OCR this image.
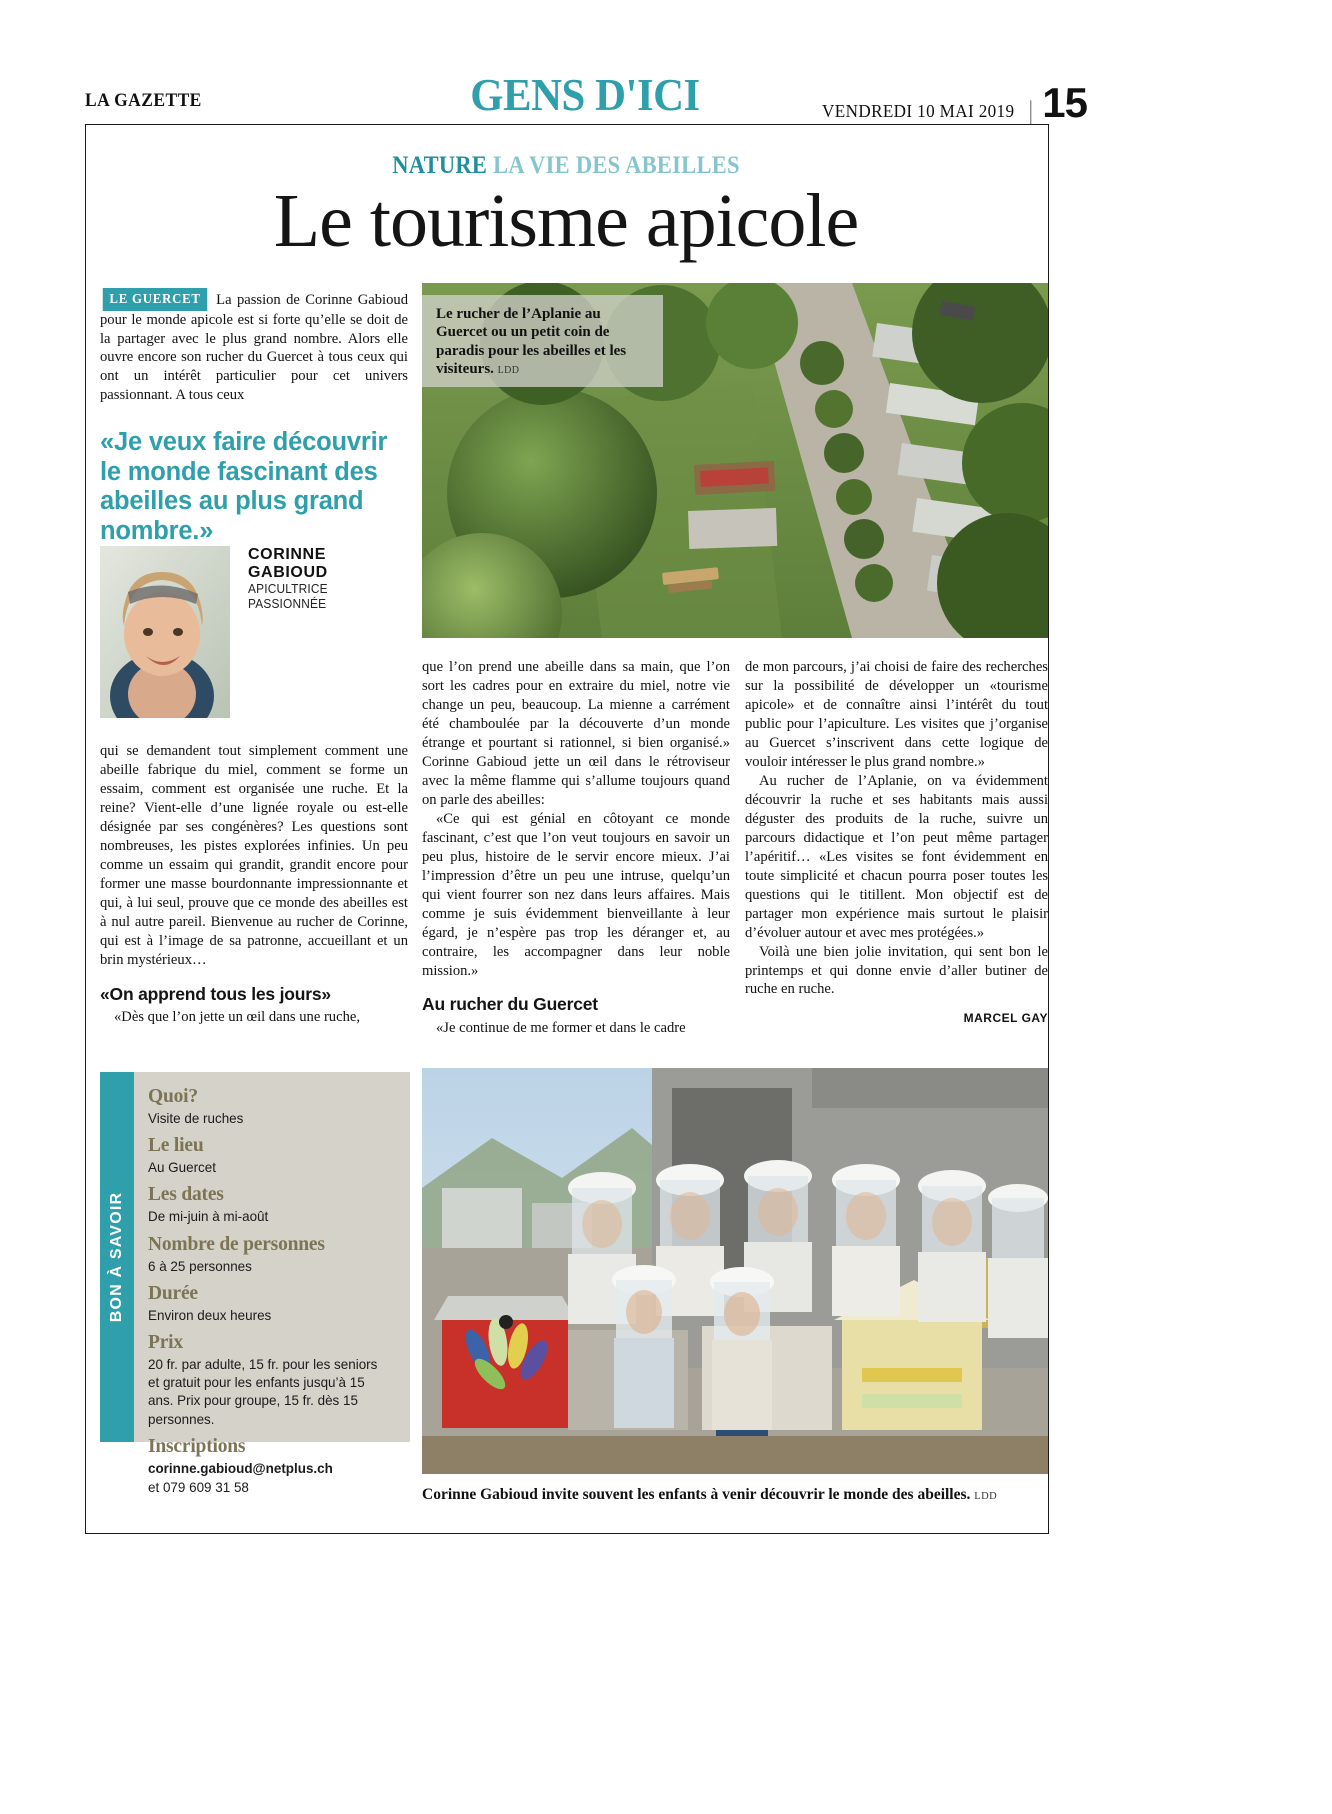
LA GAZETTE	GENS D'ICI	VENDREDI 10 MAI 2019 | 15
NATURE LA VIE DES ABEILLES
Le tourisme apicole
Le rucher de l’Aplanie au Guercet ou un petit coin de paradis pour les abeilles et les visiteurs. LDD

LE GUERCET La passion de Corinne Gabioud pour le monde apicole est si forte qu’elle se doit de la partager avec le plus grand nombre. Alors elle ouvre encore son rucher du Guercet à tous ceux qui ont un intérêt particulier pour cet univers passionnant. A tous ceux

«Je veux faire découvrir le monde fascinant des abeilles au plus grand nombre.»
CORINNE
GABIOUD
APICULTRICE PASSIONNÉE

qui se demandent tout simplement comment une abeille fabrique du miel, comment se forme un essaim, comment est organisée une ruche. Et la reine? Vient-elle d’une lignée royale ou est-elle désignée par ses congénères? Les questions sont nombreuses, les pistes explorées infinies. Un peu comme un essaim qui grandit, grandit encore pour former une masse bourdonnante impressionnante et qui, à lui seul, prouve que ce monde des abeilles est à nul autre pareil. Bienvenue au rucher de Corinne, qui est à l’image de sa patronne, accueillant et un brin mystérieux…

«On apprend tous les jours»

«Dès que l’on jette un œil dans une ruche,

que l’on prend une abeille dans sa main, que l’on sort les cadres pour en extraire du miel, notre vie change un peu, beaucoup. La mienne a carrément été chamboulée par la découverte d’un monde étrange et pourtant si rationnel, si bien organisé.» Corinne Gabioud jette un œil dans le rétroviseur avec la même flamme qui s’allume toujours quand on parle des abeilles:

«Ce qui est génial en côtoyant ce monde fascinant, c’est que l’on veut toujours en savoir un peu plus, histoire de le servir encore mieux. J’ai l’impression d’être un peu une intruse, quelqu’un qui vient fourrer son nez dans leurs affaires. Mais comme je suis évidemment bienveillante à leur égard, je n’espère pas trop les déranger et, au contraire, les accompagner dans leur noble mission.»

Au rucher du Guercet

«Je continue de me former et dans le cadre

de mon parcours, j’ai choisi de faire des recherches sur la possibilité de développer un «tourisme apicole» et de connaître ainsi l’intérêt du tout public pour l’apiculture. Les visites que j’organise au Guercet s’inscrivent dans cette logique de vouloir intéresser le plus grand nombre.»

Au rucher de l’Aplanie, on va évidemment découvrir la ruche et ses habitants mais aussi déguster des produits de la ruche, suivre un parcours didactique et l’on peut même partager l’apéritif… «Les visites se font évidemment en toute simplicité et chacun pourra poser toutes les questions qui le titillent. Mon objectif est de partager mon expérience mais surtout le plaisir d’évoluer autour et avec mes protégées.»

Voilà une bien jolie invitation, qui sent bon le printemps et qui donne envie d’aller butiner de ruche en ruche.

MARCEL GAY
BON À SAVOIR
Quoi?
Visite de ruches
Le lieu
Au Guercet
Les dates
De mi-juin à mi-août
Nombre de personnes
6 à 25 personnes
Durée
Environ deux heures
Prix
20 fr. par adulte, 15 fr. pour les seniors et gratuit pour les enfants jusqu’à 15 ans. Prix pour groupe, 15 fr. dès 15 personnes.
Inscriptions
corinne.gabioud@netplus.ch
et 079 609 31 58	Corinne Gabioud invite souvent les enfants à venir découvrir le monde des abeilles. LDD
